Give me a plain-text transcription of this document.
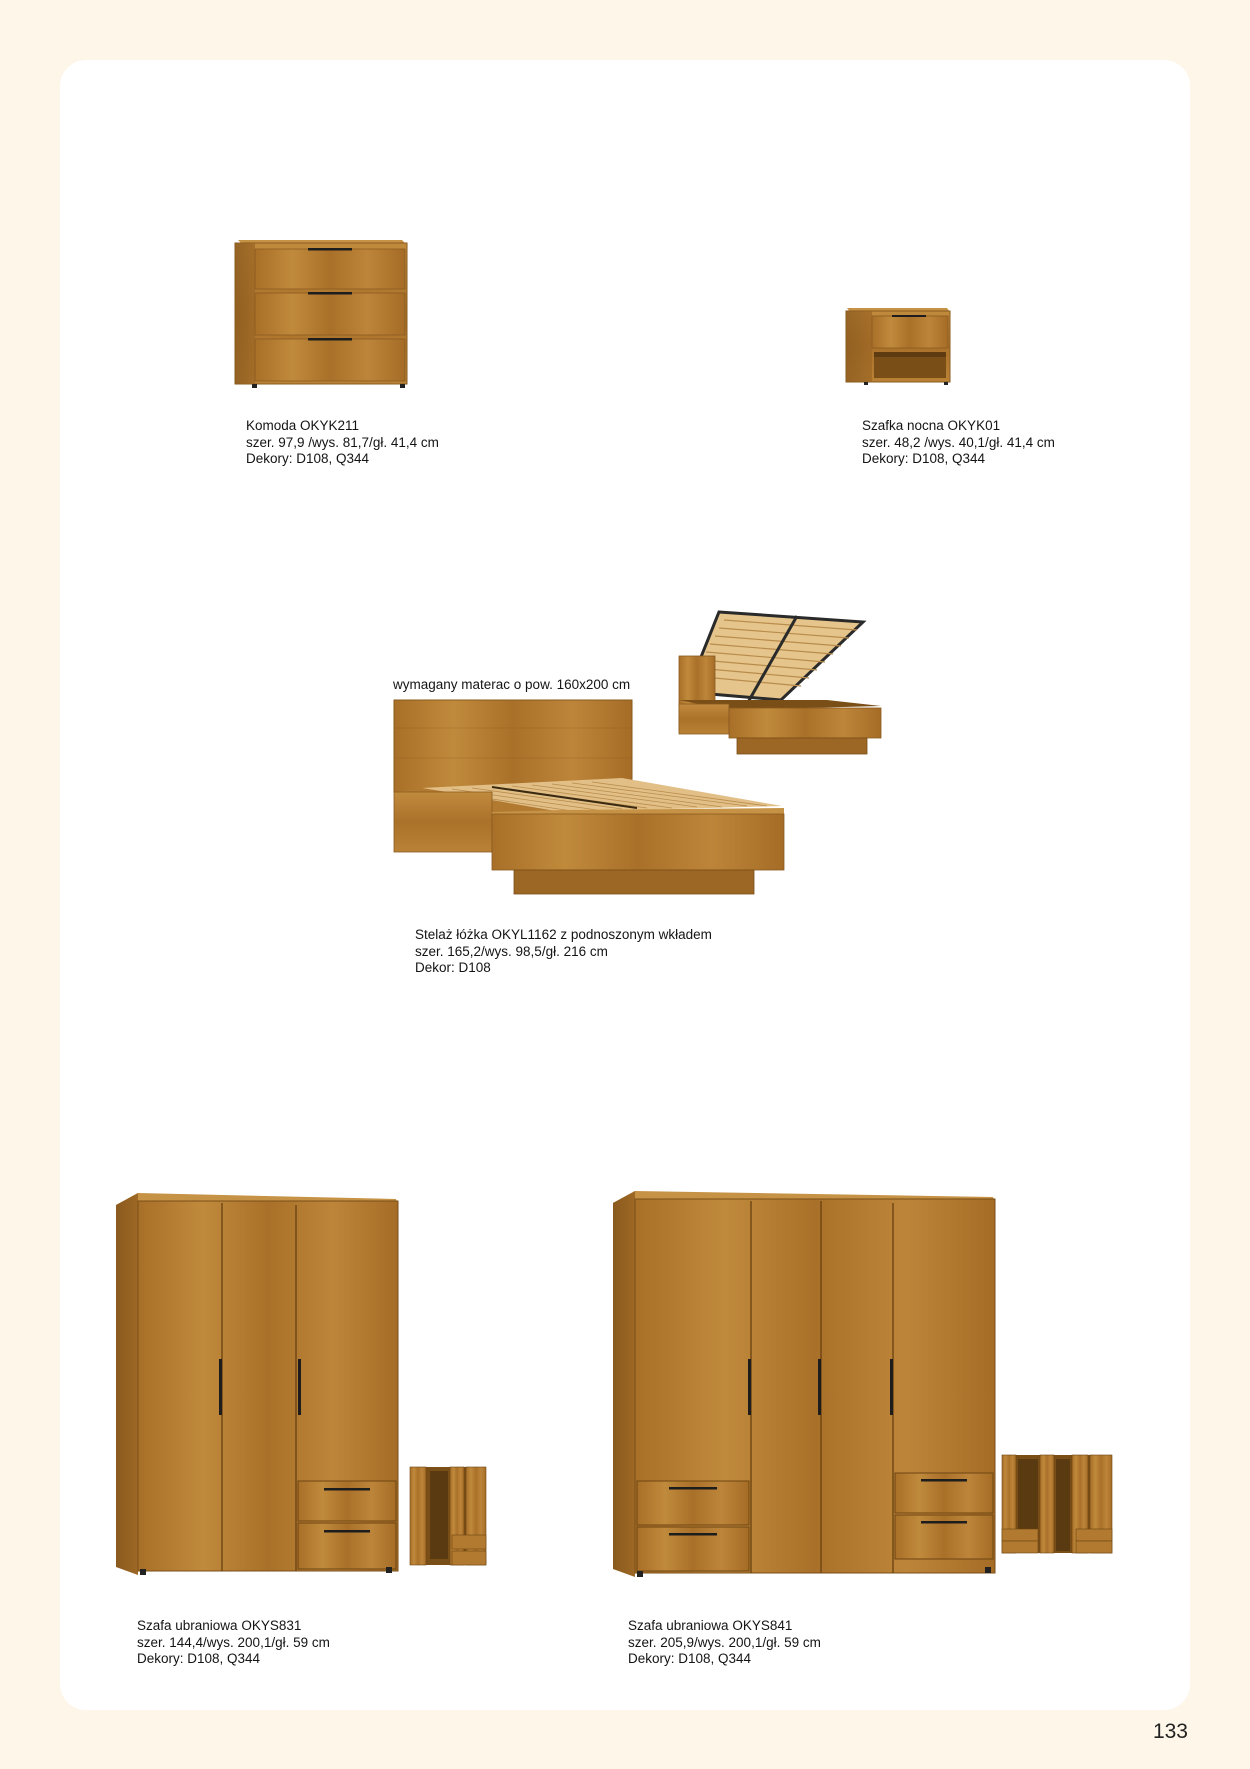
Komoda OKYK211
szer. 97,9 /wys. 81,7/gł. 41,4 cm
Dekory: D108, Q344
Szafka nocna OKYK01
szer. 48,2 /wys. 40,1/gł. 41,4 cm
Dekory: D108, Q344
wymagany materac o pow. 160x200 cm
Stelaż łóżka OKYL1162 z podnoszonym wkładem
szer. 165,2/wys. 98,5/gł. 216 cm
Dekor: D108
Szafa ubraniowa OKYS831
szer. 144,4/wys. 200,1/gł. 59 cm
Dekory: D108, Q344
Szafa ubraniowa OKYS841
szer. 205,9/wys. 200,1/gł. 59 cm
Dekory: D108, Q344
133
